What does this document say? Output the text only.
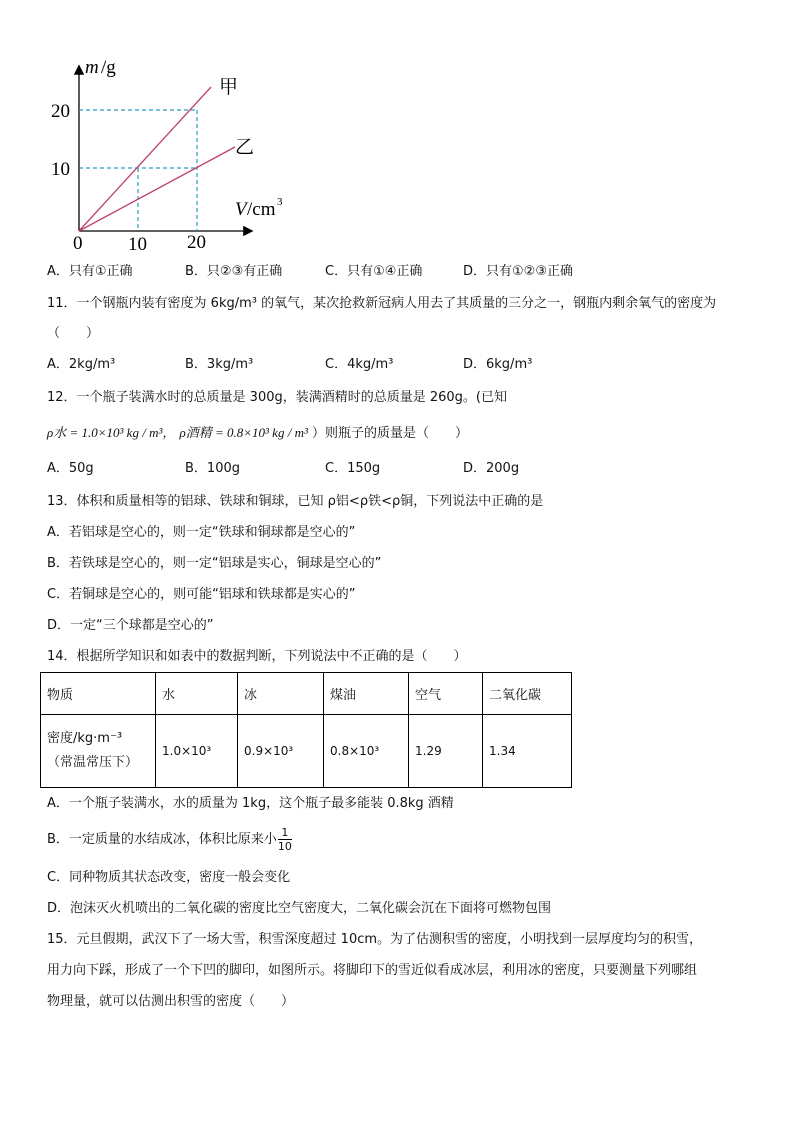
m /g
20
10
0 10 20
V /cm 3
甲
乙
A．只有①正确	B．只②③有正确	C．只有①④正确	D．只有①②③正确
11．一个钢瓶内装有密度为 6kg/m³ 的氧气，某次抢救新冠病人用去了其质量的三分之一，钢瓶内剩余氧气的密度为
（　　）
A．2kg/m³	B．3kg/m³	C．4kg/m³	D．6kg/m³
12．一个瓶子装满水时的总质量是 300g，装满酒精时的总质量是 260g。(已知
ρ水 = 1.0×10³ kg / m³， ρ酒精 = 0.8×10³ kg / m³ ）则瓶子的质量是（　　）
A．50g	B．100g	C．150g	D．200g
13．体积和质量相等的铝球、铁球和铜球，已知 ρ铝<ρ铁<ρ铜，下列说法中正确的是
A．若铝球是空心的，则一定“铁球和铜球都是空心的”
B．若铁球是空心的，则一定“铝球是实心，铜球是空心的”
C．若铜球是空心的，则可能“铝球和铁球都是实心的”
D．一定“三个球都是空心的”
14．根据所学知识和如表中的数据判断，下列说法中不正确的是（　　）
物质	水	冰	煤油	空气	二氧化碳

密度/kg·m⁻³
（常温常压下）	1.0×10³	0.9×10³	0.8×10³	1.29	1.34
A．一个瓶子装满水，水的质量为 1kg，这个瓶子最多能装 0.8kg 酒精
B．一定质量的水结成冰，体积比原来小 $\frac{1}{10}$
C．同种物质其状态改变，密度一般会变化
D．泡沫灭火机喷出的二氧化碳的密度比空气密度大，二氧化碳会沉在下面将可燃物包围
15．元旦假期，武汉下了一场大雪，积雪深度超过 10cm。为了估测积雪的密度，小明找到一层厚度均匀的积雪，
用力向下踩，形成了一个下凹的脚印，如图所示。将脚印下的雪近似看成冰层，利用冰的密度，只要测量下列哪组
物理量，就可以估测出积雪的密度（　　）
